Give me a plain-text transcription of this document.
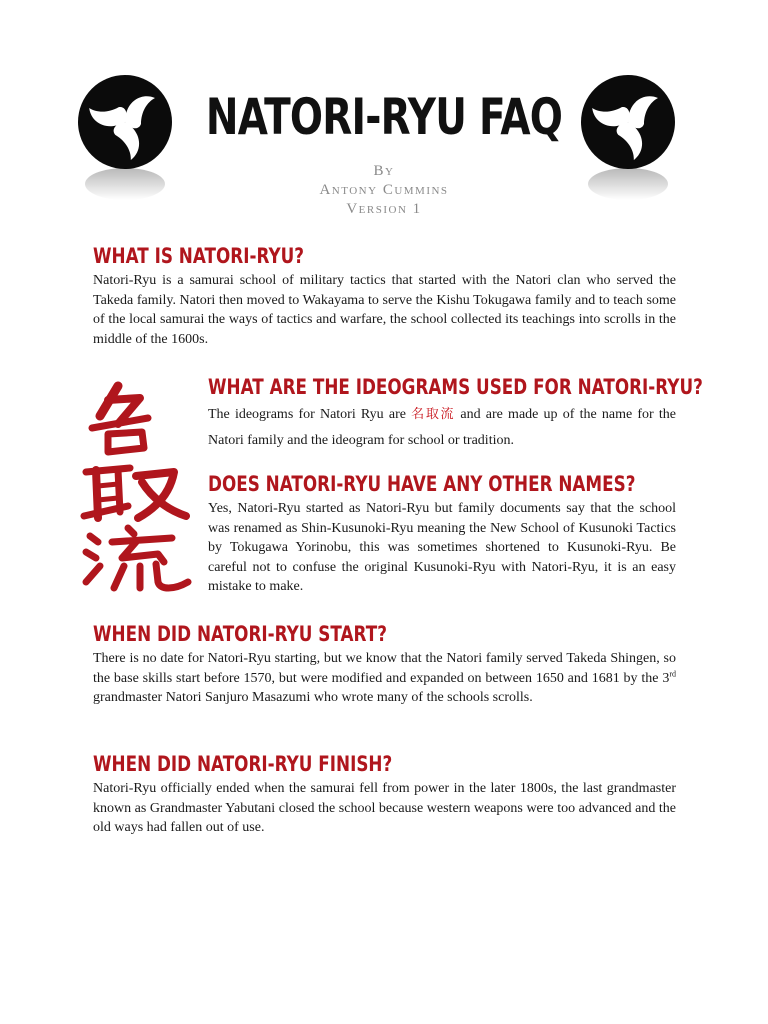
NATORI-RYU FAQ
By
Antony Cummins
Version 1
WHAT IS NATORI-RYU?

Natori-Ryu is a samurai school of military tactics that started with the Natori clan who served the Takeda family. Natori then moved to Wakayama to serve the Kishu Tokugawa family and to teach some of the local samurai the ways of tactics and warfare, the school collected its teachings into scrolls in the middle of the 1600s.

WHAT ARE THE IDEOGRAMS USED FOR NATORI-RYU?

The ideograms for Natori Ryu are 名取流 and are made up of the name for the Natori family and the ideogram for school or tradition.

DOES NATORI-RYU HAVE ANY OTHER NAMES?

Yes, Natori-Ryu started as Natori-Ryu but family documents say that the school was renamed as Shin-Kusunoki-Ryu meaning the New School of Kusunoki Tactics by Tokugawa Yorinobu, this was sometimes shortened to Kusunoki-Ryu. Be careful not to confuse the original Kusunoki-Ryu with Natori-Ryu, it is an easy mistake to make.

WHEN DID NATORI-RYU START?

There is no date for Natori-Ryu starting, but we know that the Natori family served Takeda Shingen, so the base skills start before 1570, but were modified and expanded on between 1650 and 1681 by the 3rd grandmaster Natori Sanjuro Masazumi who wrote many of the schools scrolls.

WHEN DID NATORI-RYU FINISH?

Natori-Ryu officially ended when the samurai fell from power in the later 1800s, the last grandmaster known as Grandmaster Yabutani closed the school because western weapons were too advanced and the old ways had fallen out of use.
